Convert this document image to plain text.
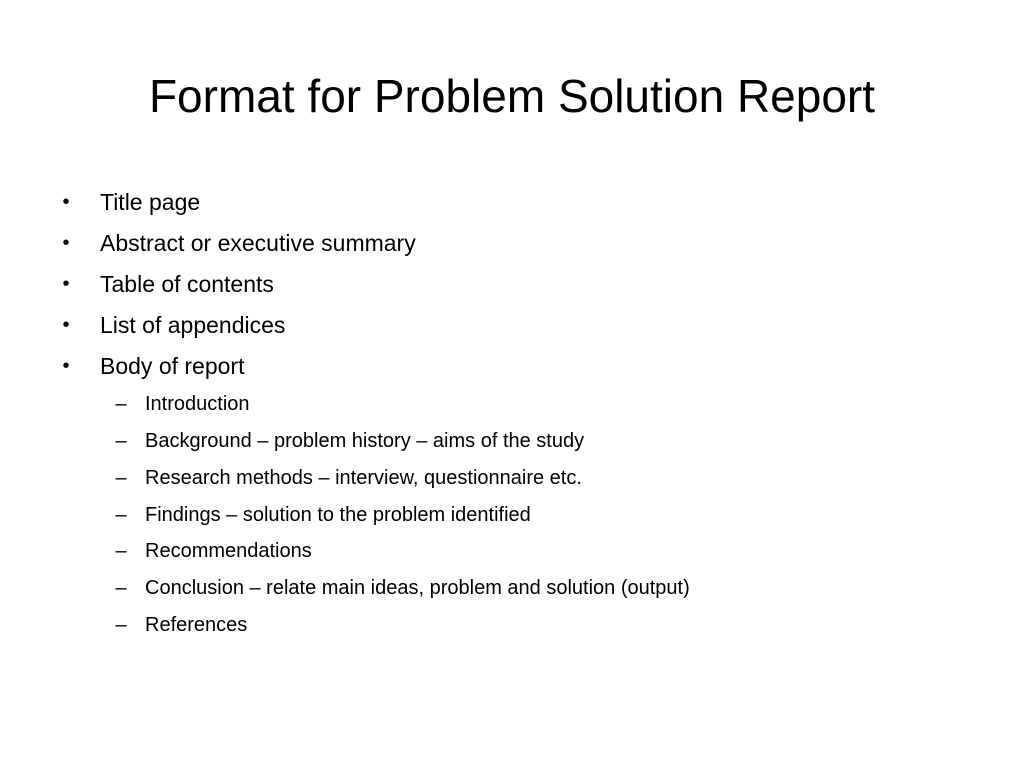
Format for Problem Solution Report
• Title page
• Abstract or executive summary
• Table of contents
• List of appendices
• Body of report
– Introduction
– Background – problem history – aims of the study
– Research methods – interview, questionnaire etc.
– Findings – solution to the problem identified
– Recommendations
– Conclusion – relate main ideas, problem and solution (output)
– References
